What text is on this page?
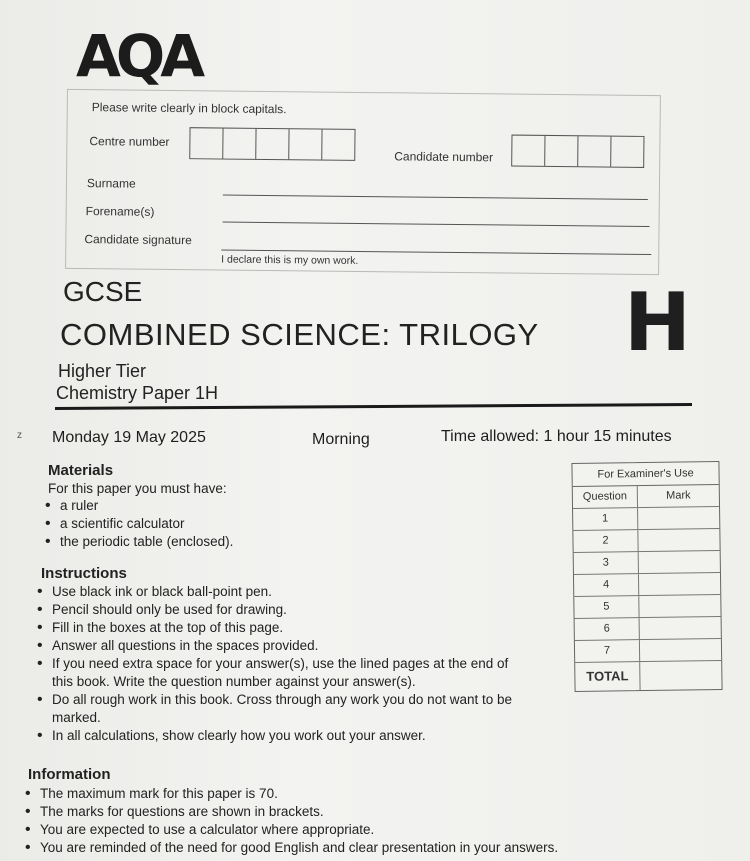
AQA
Please write clearly in block capitals.
Centre number
Candidate number
Surname
Forename(s)
Candidate signature
I declare this is my own work.
GCSE
COMBINED SCIENCE: TRILOGY H
Higher Tier
Chemistry Paper 1H
z Monday 19 May 2025	Morning	Time allowed: 1 hour 15 minutes
Materials
For this paper you must have:
• a ruler
• a scientific calculator
• the periodic table (enclosed).
Instructions
• Use black ink or black ball-point pen.
• Pencil should only be used for drawing.
• Fill in the boxes at the top of this page.
• Answer all questions in the spaces provided.
• If you need extra space for your answer(s), use the lined pages at the end of
this book. Write the question number against your answer(s).
• Do all rough work in this book. Cross through any work you do not want to be
marked.
• In all calculations, show clearly how you work out your answer.
Information
• The maximum mark for this paper is 70.
• The marks for questions are shown in brackets.
• You are expected to use a calculator where appropriate.
• You are reminded of the need for good English and clear presentation in your answers.
For Examiner's Use
Question	Mark
1
2
3
4
5
6
7
TOTAL
